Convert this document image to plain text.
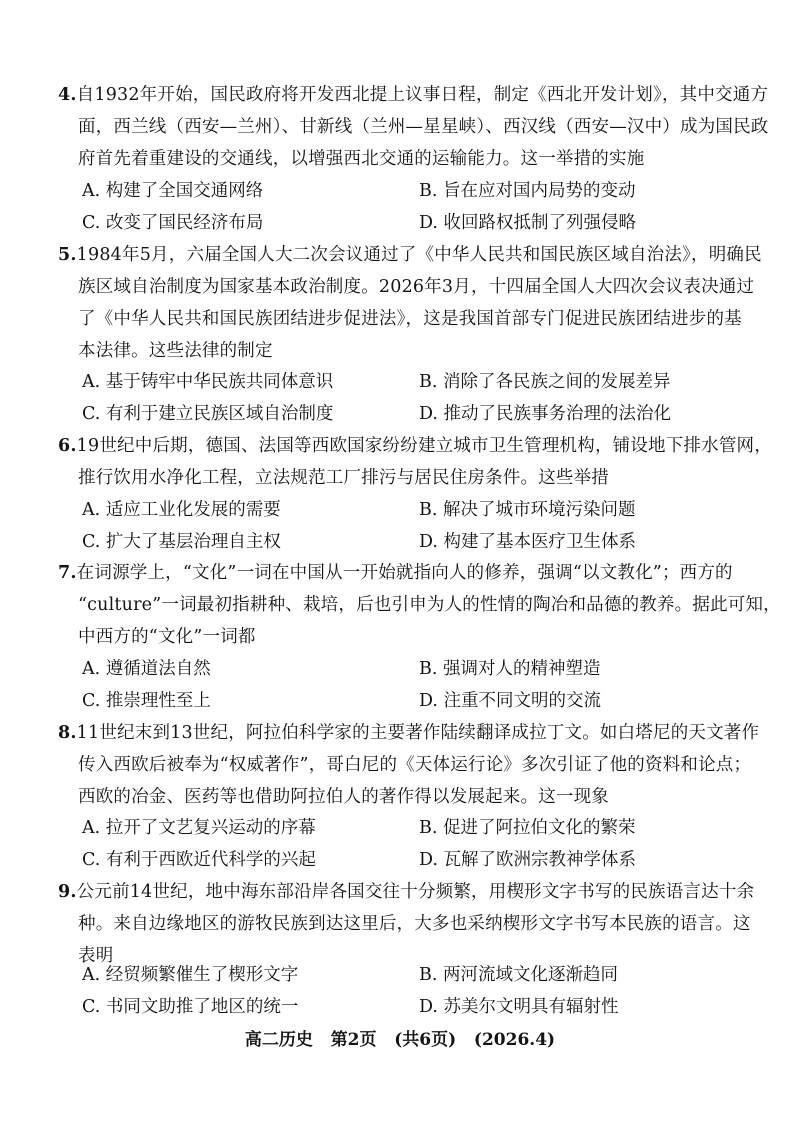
4.自1932年开始，国民政府将开发西北提上议事日程，制定《西北开发计划》，其中交通方
面，西兰线（西安—兰州）、甘新线（兰州—星星峡）、西汉线（西安—汉中）成为国民政
府首先着重建设的交通线，以增强西北交通的运输能力。这一举措的实施
A. 构建了全国交通网络	B. 旨在应对国内局势的变动
C. 改变了国民经济布局	D. 收回路权抵制了列强侵略
5.1984年5月，六届全国人大二次会议通过了《中华人民共和国民族区域自治法》，明确民
族区域自治制度为国家基本政治制度。2026年3月，十四届全国人大四次会议表决通过
了《中华人民共和国民族团结进步促进法》，这是我国首部专门促进民族团结进步的基
本法律。这些法律的制定
A. 基于铸牢中华民族共同体意识	B. 消除了各民族之间的发展差异
C. 有利于建立民族区域自治制度	D. 推动了民族事务治理的法治化
6.19世纪中后期，德国、法国等西欧国家纷纷建立城市卫生管理机构，铺设地下排水管网，
推行饮用水净化工程，立法规范工厂排污与居民住房条件。这些举措
A. 适应工业化发展的需要	B. 解决了城市环境污染问题
C. 扩大了基层治理自主权	D. 构建了基本医疗卫生体系
7.在词源学上，“文化”一词在中国从一开始就指向人的修养，强调“以文教化”；西方的
“culture”一词最初指耕种、栽培，后也引申为人的性情的陶冶和品德的教养。据此可知，
中西方的“文化”一词都
A. 遵循道法自然	B. 强调对人的精神塑造
C. 推崇理性至上	D. 注重不同文明的交流
8.11世纪末到13世纪，阿拉伯科学家的主要著作陆续翻译成拉丁文。如白塔尼的天文著作
传入西欧后被奉为“权威著作”，哥白尼的《天体运行论》多次引证了他的资料和论点；
西欧的冶金、医药等也借助阿拉伯人的著作得以发展起来。这一现象
A. 拉开了文艺复兴运动的序幕	B. 促进了阿拉伯文化的繁荣
C. 有利于西欧近代科学的兴起	D. 瓦解了欧洲宗教神学体系
9.公元前14世纪，地中海东部沿岸各国交往十分频繁，用楔形文字书写的民族语言达十余
种。来自边缘地区的游牧民族到达这里后，大多也采纳楔形文字书写本民族的语言。这
表明
A. 经贸频繁催生了楔形文字	B. 两河流域文化逐渐趋同
C. 书同文助推了地区的统一	D. 苏美尔文明具有辐射性
高二历史   第2页   (共6页)   (2026.4)
